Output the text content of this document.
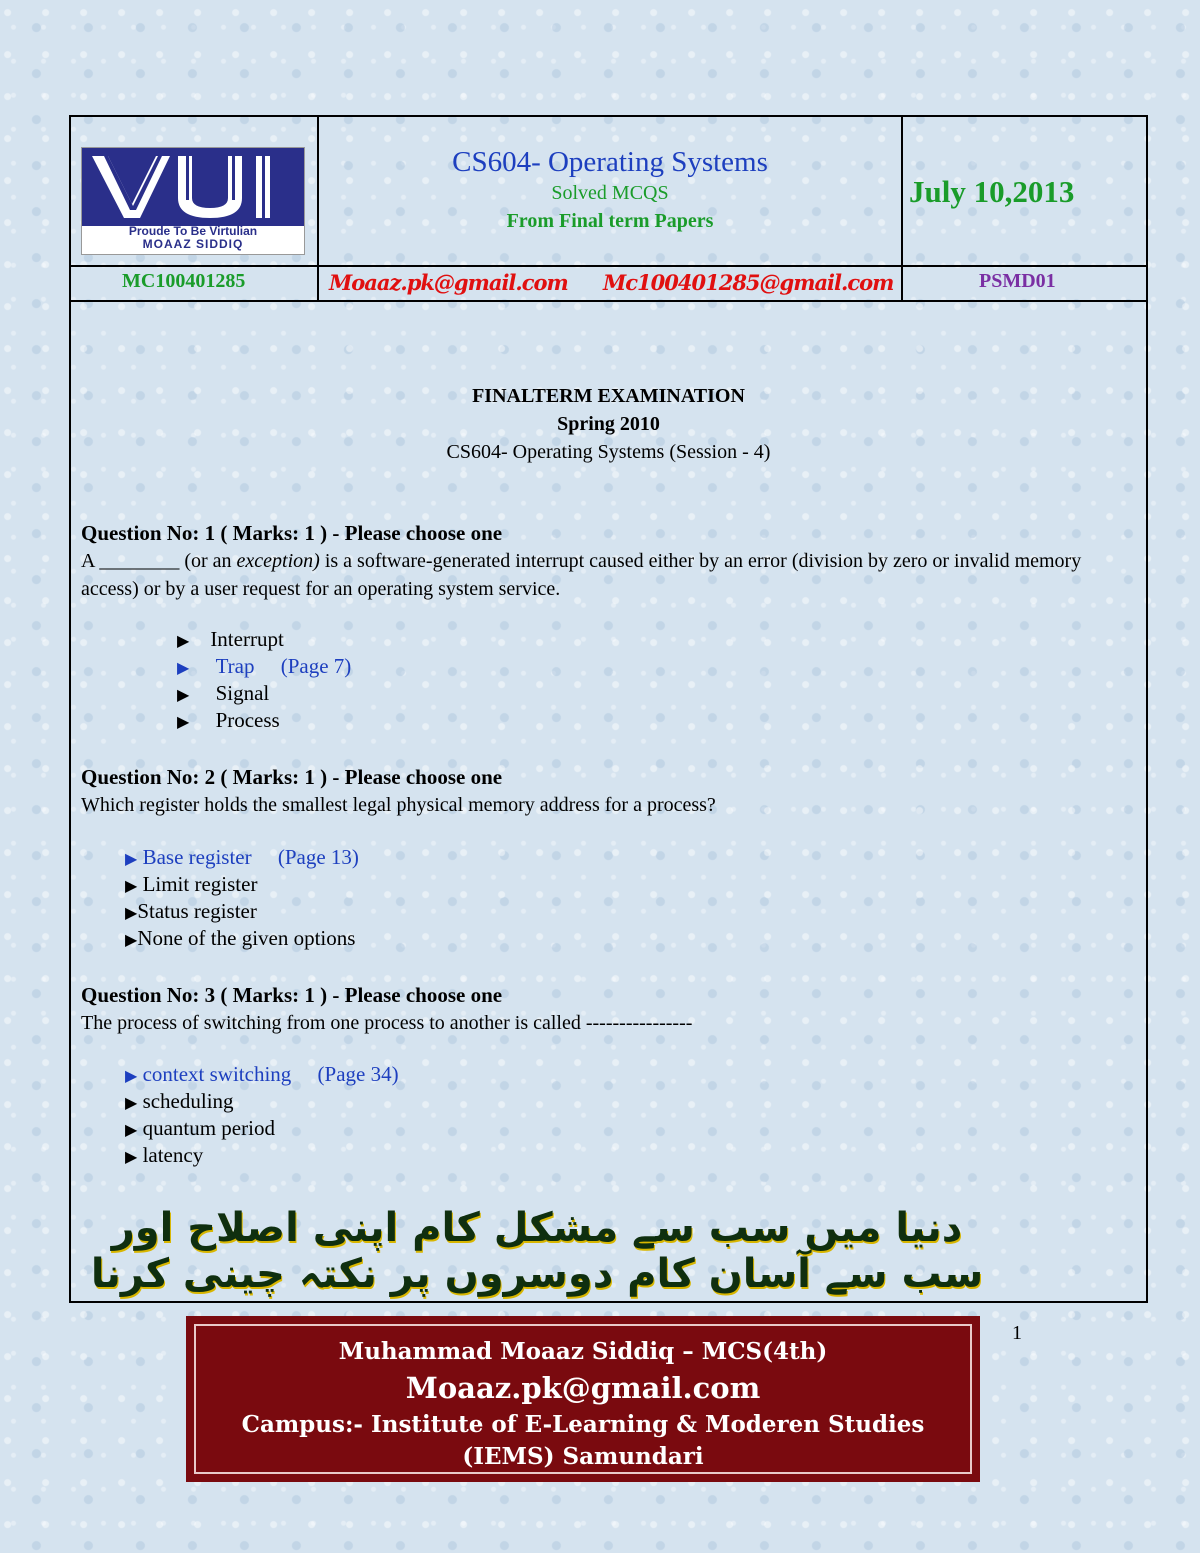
Proude To Be Virtulian
MOAAZ SIDDIQ
CS604- Operating Systems
Solved MCQS
From Final term Papers
July 10,2013
MC100401285	Moaaz.pk@gmail.com Mc100401285@gmail.com	PSMD01
FINALTERM EXAMINATION
Spring 2010
CS604- Operating Systems (Session - 4)
Question No: 1 ( Marks: 1 ) - Please choose one
A ________ (or an exception) is a software-generated interrupt caused either by an error (division by zero or invalid memory access) or by a user request for an operating system service.
▶ Interrupt
▶ Trap (Page 7)
▶ Signal
▶ Process
Question No: 2 ( Marks: 1 ) - Please choose one
Which register holds the smallest legal physical memory address for a process?
▶ Base register (Page 13)
▶ Limit register
▶Status register
▶None of the given options
Question No: 3 ( Marks: 1 ) - Please choose one
The process of switching from one process to another is called ----------------
▶ context switching (Page 34)
▶ scheduling
▶ quantum period
▶ latency
دنیا میں سب سے مشکل کام اپنی اصلاح اور سب سے آسان کام دوسروں پر نکتہ چینی کرنا
1
Muhammad Moaaz Siddiq – MCS(4th)
Moaaz.pk@gmail.com
Campus:- Institute of E-Learning & Moderen Studies
(IEMS) Samundari
